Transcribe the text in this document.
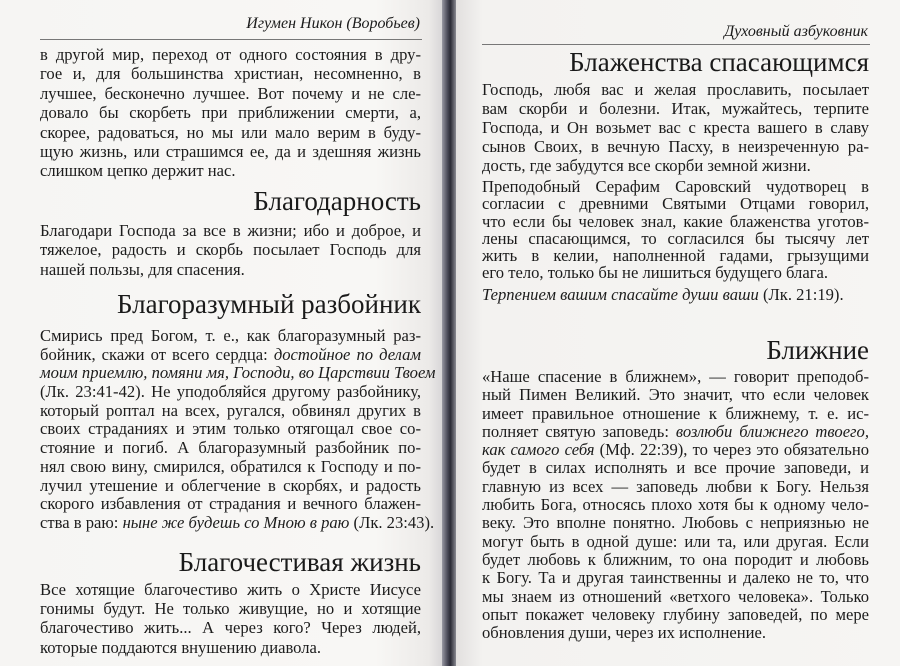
Игумен Никон (Воробьев)
в другой мир, переход от одного состояния в дру-
гое и, для большинства христиан, несомненно, в
лучшее, бесконечно лучшее. Вот почему и не сле-
довало бы скорбеть при приближении смерти, а,
скорее, радоваться, но мы или мало верим в буду-
щую жизнь, или страшимся ее, да и здешняя жизнь
слишком цепко держит нас.
Благодарность
Благодари Господа за все в жизни; ибо и доброе, и
тяжелое, радость и скорбь посылает Господь для
нашей пользы, для спасения.
Благоразумный разбойник
Смирись пред Богом, т. е., как благоразумный раз-
бойник, скажи от всего сердца: достойное по делам
моим приемлю, помяни мя, Господи, во Царствии Твоем
(Лк. 23:41-42). Не уподобляйся другому разбойнику,
который роптал на всех, ругался, обвинял других в
своих страданиях и этим только отягощал свое со-
стояние и погиб. А благоразумный разбойник по-
нял свою вину, смирился, обратился к Господу и по-
лучил утешение и облегчение в скорбях, и радость
скорого избавления от страдания и вечного блажен-
ства в раю: ныне же будешь со Мною в раю (Лк. 23:43).
Благочестивая жизнь
Все хотящие благочестиво жить о Христе Иисусе
гонимы будут. Не только живущие, но и хотящие
благочестиво жить... А через кого? Через людей,
которые поддаются внушению диавола.
Духовный азбуковник
Блаженства спасающимся
Господь, любя вас и желая прославить, посылает
вам скорби и болезни. Итак, мужайтесь, терпите
Господа, и Он возьмет вас с креста вашего в славу
сынов Своих, в вечную Пасху, в неизреченную ра-
дость, где забудутся все скорби земной жизни.
Преподобный Серафим Саровский чудотворец в
согласии с древними Святыми Отцами говорил,
что если бы человек знал, какие блаженства уготов-
лены спасающимся, то согласился бы тысячу лет
жить в келии, наполненной гадами, грызущими
его тело, только бы не лишиться будущего блага.
Терпением вашим спасайте души ваши (Лк. 21:19).
Ближние
«Наше спасение в ближнем», — говорит преподоб-
ный Пимен Великий. Это значит, что если человек
имеет правильное отношение к ближнему, т. е. ис-
полняет святую заповедь: возлюби ближнего твоего,
как самого себя (Мф. 22:39), то через это обязательно
будет в силах исполнять и все прочие заповеди, и
главную из всех — заповедь любви к Богу. Нельзя
любить Бога, относясь плохо хотя бы к одному чело-
веку. Это вполне понятно. Любовь с неприязнью не
могут быть в одной душе: или та, или другая. Если
будет любовь к ближним, то она породит и любовь
к Богу. Та и другая таинственны и далеко не то, что
мы знаем из отношений «ветхого человека». Только
опыт покажет человеку глубину заповедей, по мере
обновления души, через их исполнение.
